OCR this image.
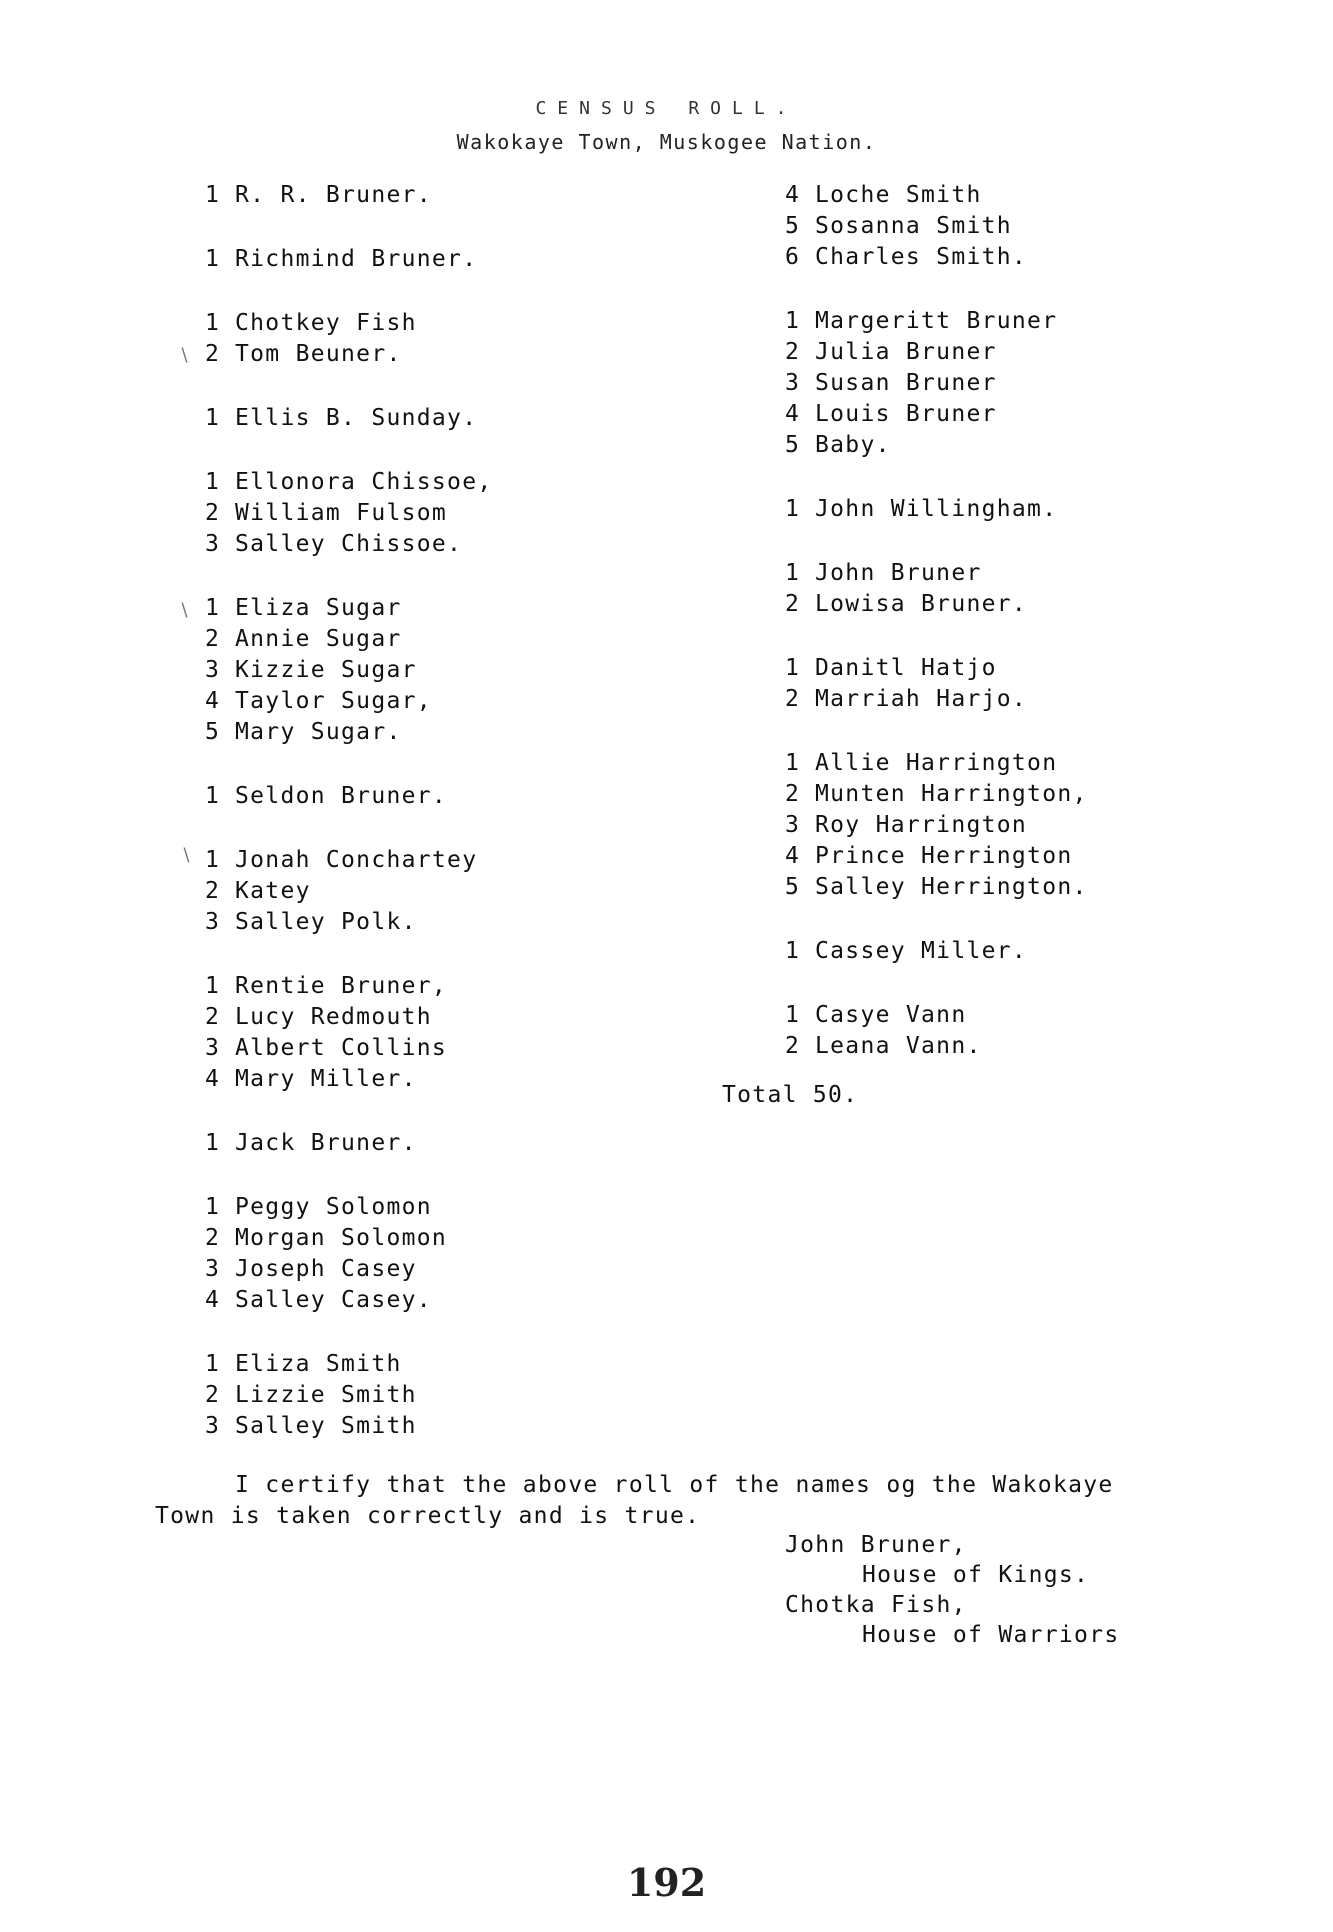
CENSUS ROLL.
Wakokaye Town, Muskogee Nation.
1 R. R. Bruner.
1 Richmind Bruner.
1 Chotkey Fish
2 Tom Beuner.
1 Ellis B. Sunday.
1 Ellonora Chissoe,
2 William Fulsom
3 Salley Chissoe.
1 Eliza Sugar
2 Annie Sugar
3 Kizzie Sugar
4 Taylor Sugar,
5 Mary Sugar.
1 Seldon Bruner.
1 Jonah Conchartey
2 Katey
3 Salley Polk.
1 Rentie Bruner,
2 Lucy Redmouth
3 Albert Collins
4 Mary Miller.
1 Jack Bruner.
1 Peggy Solomon
2 Morgan Solomon
3 Joseph Casey
4 Salley Casey.
1 Eliza Smith
2 Lizzie Smith
3 Salley Smith
4 Loche Smith
5 Sosanna Smith
6 Charles Smith.
1 Margeritt Bruner
2 Julia Bruner
3 Susan Bruner
4 Louis Bruner
5 Baby.
1 John Willingham.
1 John Bruner
2 Lowisa Bruner.
1 Danitl Hatjo
2 Marriah Harjo.
1 Allie Harrington
2 Munten Harrington,
3 Roy Harrington
4 Prince Herrington
5 Salley Herrington.
1 Cassey Miller.
1 Casye Vann
2 Leana Vann.
Total 50.

I certify that the above roll of the names og the Wakokaye

Town is taken correctly and is true.

John Bruner,
House of Kings.
Chotka Fish,
House of Warriors
192
∖
∖
∖
